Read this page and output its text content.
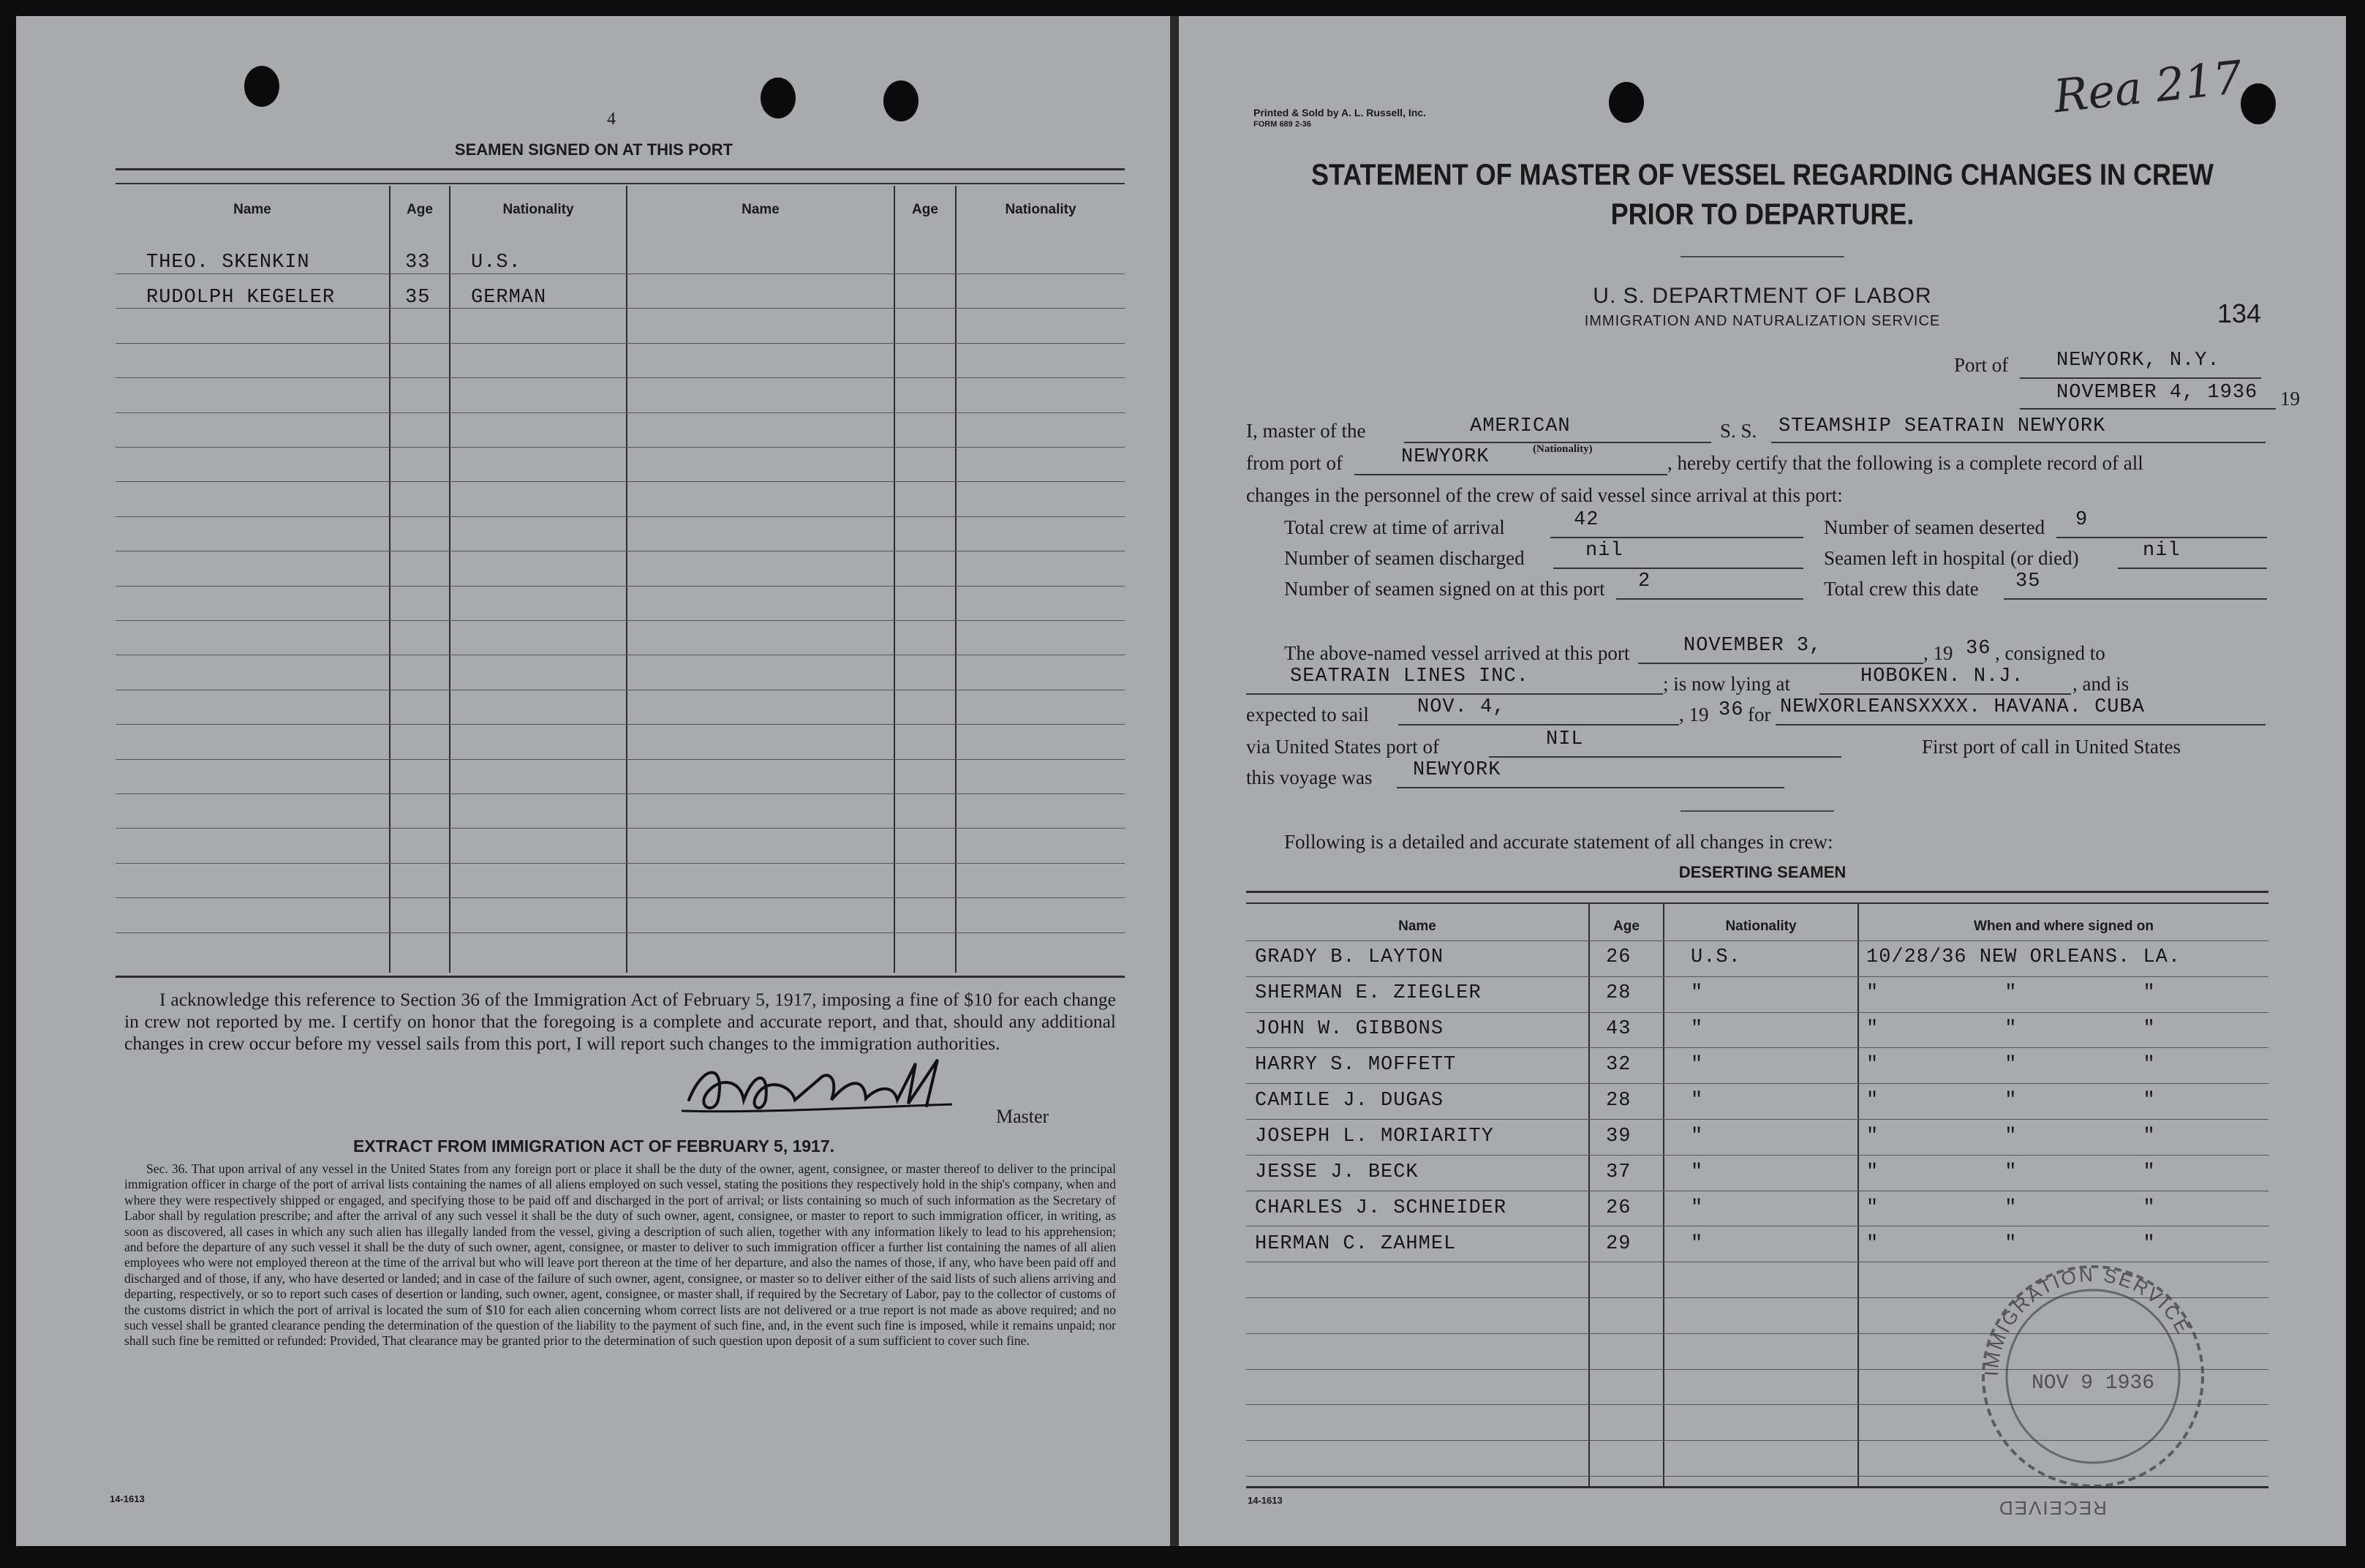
4
SEAMEN SIGNED ON AT THIS PORT
Name	Age	Nationality	Name	Age	Nationality
THEO. SKENKIN	33 U.S.
RUDOLPH KEGELER	35 GERMAN
I acknowledge this reference to Section 36 of the Immigration Act of February 5, 1917, imposing a fine of $10 for each change in crew not reported by me. I certify on honor that the foregoing is a complete and accurate report, and that, should any additional changes in crew occur before my vessel sails from this port, I will report such changes to the immigration authorities.
Master
EXTRACT FROM IMMIGRATION ACT OF FEBRUARY 5, 1917.
Sec. 36. That upon arrival of any vessel in the United States from any foreign port or place it shall be the duty of the owner, agent, consignee, or master thereof to deliver to the principal immigration officer in charge of the port of arrival lists containing the names of all aliens employed on such vessel, stating the positions they respectively hold in the ship's company, when and where they were respectively shipped or engaged, and specifying those to be paid off and discharged in the port of arrival; or lists containing so much of such information as the Secretary of Labor shall by regulation prescribe; and after the arrival of any such vessel it shall be the duty of such owner, agent, consignee, or master to report to such immigration officer, in writing, as soon as discovered, all cases in which any such alien has illegally landed from the vessel, giving a description of such alien, together with any information likely to lead to his apprehension; and before the departure of any such vessel it shall be the duty of such owner, agent, consignee, or master to deliver to such immigration officer a further list containing the names of all alien employees who were not employed thereon at the time of the arrival but who will leave port thereon at the time of her departure, and also the names of those, if any, who have been paid off and discharged and of those, if any, who have deserted or landed; and in case of the failure of such owner, agent, consignee, or master so to deliver either of the said lists of such aliens arriving and departing, respectively, or so to report such cases of desertion or landing, such owner, agent, consignee, or master shall, if required by the Secretary of Labor, pay to the collector of customs of the customs district in which the port of arrival is located the sum of $10 for each alien concerning whom correct lists are not delivered or a true report is not made as above required; and no such vessel shall be granted clearance pending the determination of the question of the liability to the payment of such fine, and, in the event such fine is imposed, while it remains unpaid; nor shall such fine be remitted or refunded: Provided, That clearance may be granted prior to the determination of such question upon deposit of a sum sufficient to cover such fine.
14-1613
Printed & Sold by A. L. Russell, Inc.
FORM 689 2-36
Rea 217
STATEMENT OF MASTER OF VESSEL REGARDING CHANGES IN CREW
PRIOR TO DEPARTURE.
U. S. DEPARTMENT OF LABOR
IMMIGRATION AND NATURALIZATION SERVICE	134
Port of NEWYORK, N.Y.
NOVEMBER 4, 1936 19
I, master of the	AMERICAN	S. S. STEAMSHIP SEATRAIN NEWYORK
(Nationality)
from port of	NEWYORK	, hereby certify that the following is a complete record of all
changes in the personnel of the crew of said vessel since arrival at this port:
Total crew at time of arrival	42	Number of seamen deserted 9
Number of seamen discharged	nil	Seamen left in hospital (or died)	nil
Number of seamen signed on at this port 2	Total crew this date 35
The above-named vessel arrived at this port	NOVEMBER 3,	, 19 36 , consigned to
SEATRAIN LINES INC.	; is now lying at	HOBOKEN. N.J. , and is
expected to sail NOV. 4,	, 19 36 for NEWXORLEANSXXXX. HAVANA. CUBA
via United States port of	NIL	First port of call in United States
this voyage was NEWYORK
Following is a detailed and accurate statement of all changes in crew:
DESERTING SEAMEN
Name	Age	Nationality	When and where signed on
GRADY B. LAYTON	26	U.S.	10/28/36 NEW ORLEANS. LA.
SHERMAN E. ZIEGLER	28	"	"          "          "
JOHN W. GIBBONS	43	"	"          "          "
HARRY S. MOFFETT	32	"	"          "          "
CAMILE J. DUGAS	28	"	"          "          "
JOSEPH L. MORIARITY	39	"	"          "          "
JESSE J. BECK	37	"	"          "          "
CHARLES J. SCHNEIDER	26	"	"          "          "
HERMAN C. ZAHMEL	29	"	"          "          "
IMMIGRATION SERVICE
NOV 9 1936
RECEIVED
14-1613
